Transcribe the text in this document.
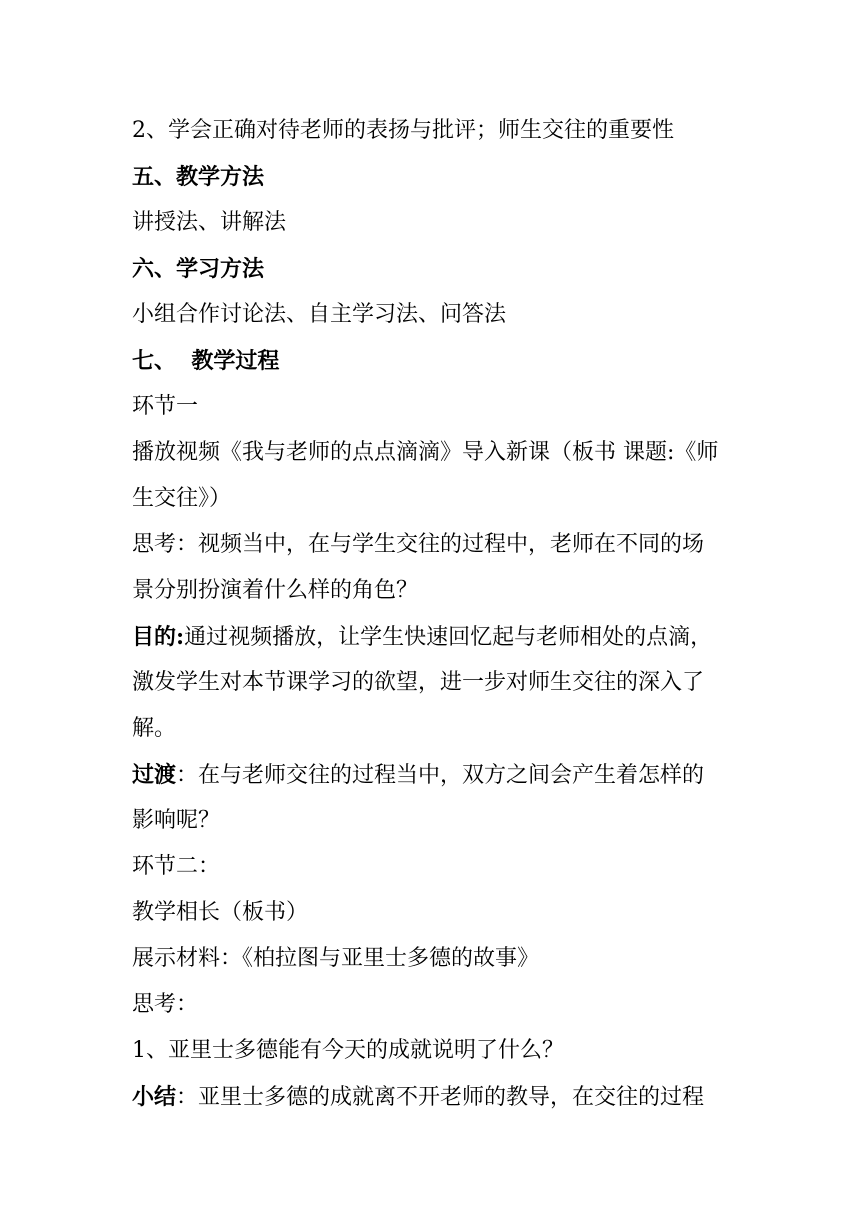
2、学会正确对待老师的表扬与批评；师生交往的重要性
五、教学方法
讲授法、讲解法
六、学习方法
小组合作讨论法、自主学习法、问答法
七、  教学过程
环节一
播放视频《我与老师的点点滴滴》导入新课（板书 课题:《师
生交往》）
思考：视频当中，在与学生交往的过程中，老师在不同的场
景分别扮演着什么样的角色？
目的:通过视频播放，让学生快速回忆起与老师相处的点滴，
激发学生对本节课学习的欲望，进一步对师生交往的深入了
解。
过渡：在与老师交往的过程当中，双方之间会产生着怎样的
影响呢？
环节二：
教学相长（板书）
展示材料：《柏拉图与亚里士多德的故事》
思考：
1、亚里士多德能有今天的成就说明了什么？
小结：亚里士多德的成就离不开老师的教导，在交往的过程
